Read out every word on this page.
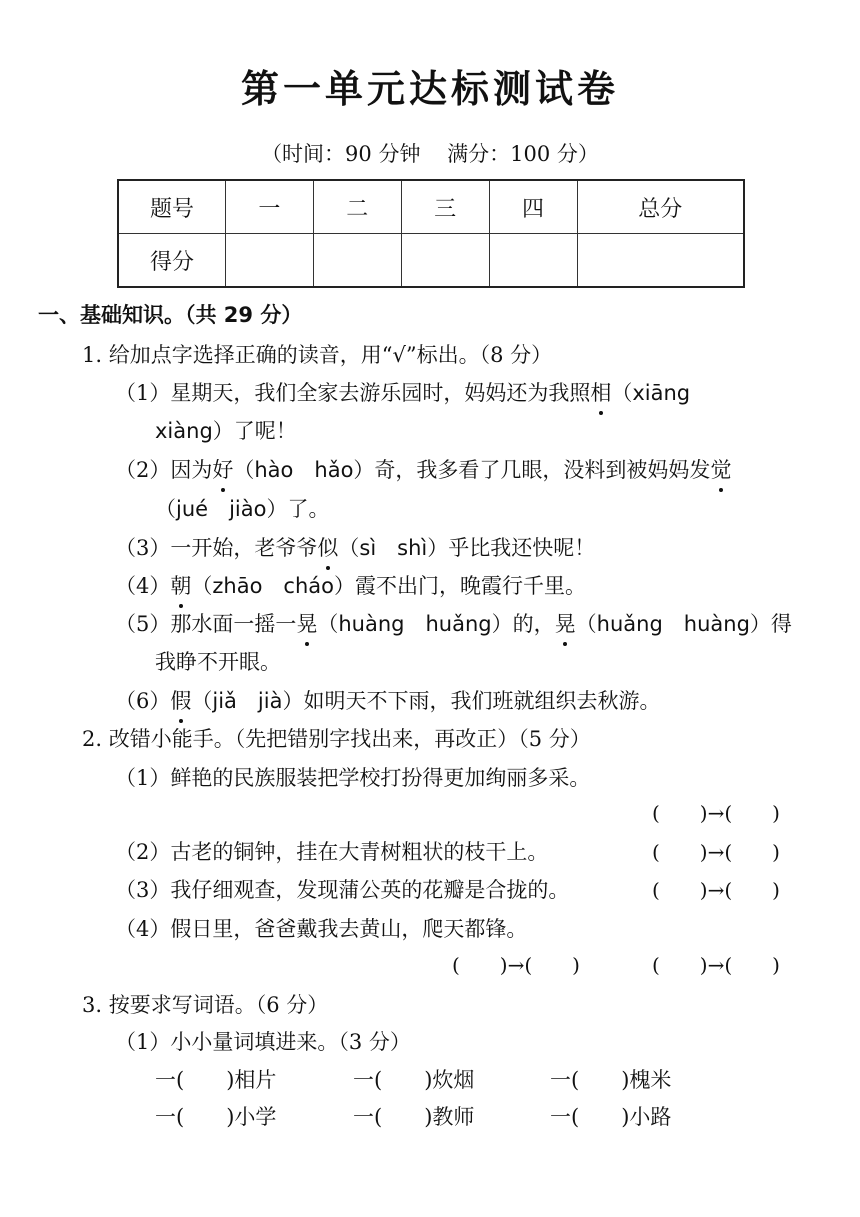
第一单元达标测试卷
（时间：90 分钟 满分：100 分）
题号	一	二	三	四	总分
得分					
一、基础知识。（共 29 分）
1. 给加点字选择正确的读音，用“√”标出。（8 分）
（1）星期天，我们全家去游乐园时，妈妈还为我照相（xiāng
xiàng）了呢！
（2）因为好（hào　hǎo）奇，我多看了几眼，没料到被妈妈发觉
（jué　jiào）了。
（3）一开始，老爷爷似（sì　shì）乎比我还快呢！
（4）朝（zhāo　cháo）霞不出门，晚霞行千里。
（5）那水面一摇一晃（huàng　huǎng）的，晃（huǎng　huàng）得
我睁不开眼。
（6）假（jiǎ　jià）如明天不下雨，我们班就组织去秋游。
2. 改错小能手。（先把错别字找出来，再改正）（5 分）
（1）鲜艳的民族服装把学校打扮得更加绚丽多采。
(　　)→(　　)
（2）古老的铜钟，挂在大青树粗状的枝干上。	(　　)→(　　)
（3）我仔细观查，发现蒲公英的花瓣是合拢的。	(　　)→(　　)
（4）假日里，爸爸戴我去黄山，爬天都锋。
(　　)→(　　)	(　　)→(　　)
3. 按要求写词语。（6 分）
（1）小小量词填进来。（3 分）
一(　　)相片	一(　　)炊烟	一(　　)槐米
一(　　)小学	一(　　)教师	一(　　)小路
